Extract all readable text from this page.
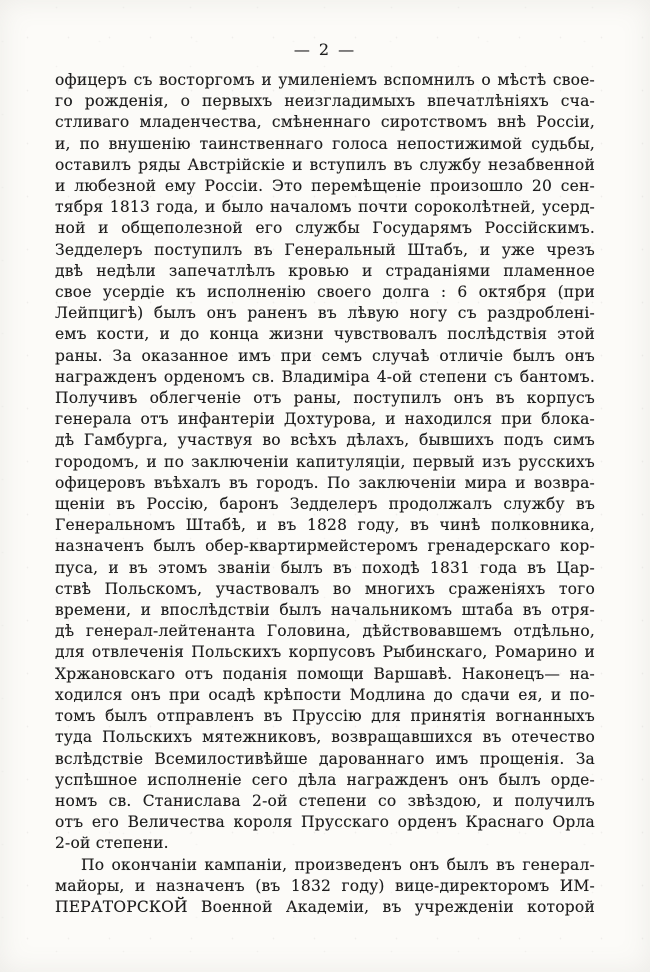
— 2 —
офицеръ съ восторгомъ и умиленіемъ вспомнилъ о мѣстѣ свое-
го рожденія, о первыхъ неизгладимыхъ впечатлѣніяхъ сча-
стливаго младенчества, смѣненнаго сиротствомъ внѣ Россіи,
и, по внушенію таинственнаго голоса непостижимой судьбы,
оставилъ ряды Австрійскіе и вступилъ въ службу незабвенной
и любезной ему Россіи. Это перемѣщеніе произошло 20 сен-
тября 1813 года, и было началомъ почти сороколѣтней, усерд-
ной и общеполезной его службы Государямъ Россійскимъ.
Зедделеръ поступилъ въ Генеральный Штабъ, и уже чрезъ
двѣ недѣли запечатлѣлъ кровью и страданіями пламенное
свое усердіе къ исполненію своего долга : 6 октября (при
Лейпцигѣ) былъ онъ раненъ въ лѣвую ногу съ раздроблені-
емъ кости, и до конца жизни чувствовалъ послѣдствія этой
раны. За оказанное имъ при семъ случаѣ отличіе былъ онъ
награжденъ орденомъ св. Владиміра 4-ой степени съ бантомъ.
Получивъ облегченіе отъ раны, поступилъ онъ въ корпусъ
генерала отъ инфантеріи Дохтурова, и находился при блока-
дѣ Гамбурга, участвуя во всѣхъ дѣлахъ, бывшихъ подъ симъ
городомъ, и по заключеніи капитуляціи, первый изъ русскихъ
офицеровъ въѣхалъ въ городъ. По заключеніи мира и возвра-
щеніи въ Россію, баронъ Зедделеръ продолжалъ службу въ
Генеральномъ Штабѣ, и въ 1828 году, въ чинѣ полковника,
назначенъ былъ обер-квартирмейстеромъ гренадерскаго кор-
пуса, и въ этомъ званіи былъ въ походѣ 1831 года въ Цар-
ствѣ Польскомъ, участвовалъ во многихъ сраженіяхъ того
времени, и впослѣдствіи былъ начальникомъ штаба въ отря-
дѣ генерал-лейтенанта Головина, дѣйствовавшемъ отдѣльно,
для отвлеченія Польскихъ корпусовъ Рыбинскаго, Ромарино и
Хржановскаго отъ поданія помощи Варшавѣ. Наконецъ— на-
ходился онъ при осадѣ крѣпости Модлина до сдачи ея, и по-
томъ былъ отправленъ въ Пруссію для принятія вогнанныхъ
туда Польскихъ мятежниковъ, возвращавшихся въ отечество
вслѣдствіе Всемилостивѣйше дарованнаго имъ прощенія. За
успѣшное исполненіе сего дѣла награжденъ онъ былъ орде-
номъ св. Станислава 2-ой степени со звѣздою, и получилъ
отъ его Величества короля Прусскаго орденъ Краснаго Орла
2-ой степени.
По окончаніи кампаніи, произведенъ онъ былъ въ генерал-
майоры, и назначенъ (въ 1832 году) вице-директоромъ ИМ-
ПЕРАТОРСКОЙ Военной Академіи, въ учрежденіи которой
